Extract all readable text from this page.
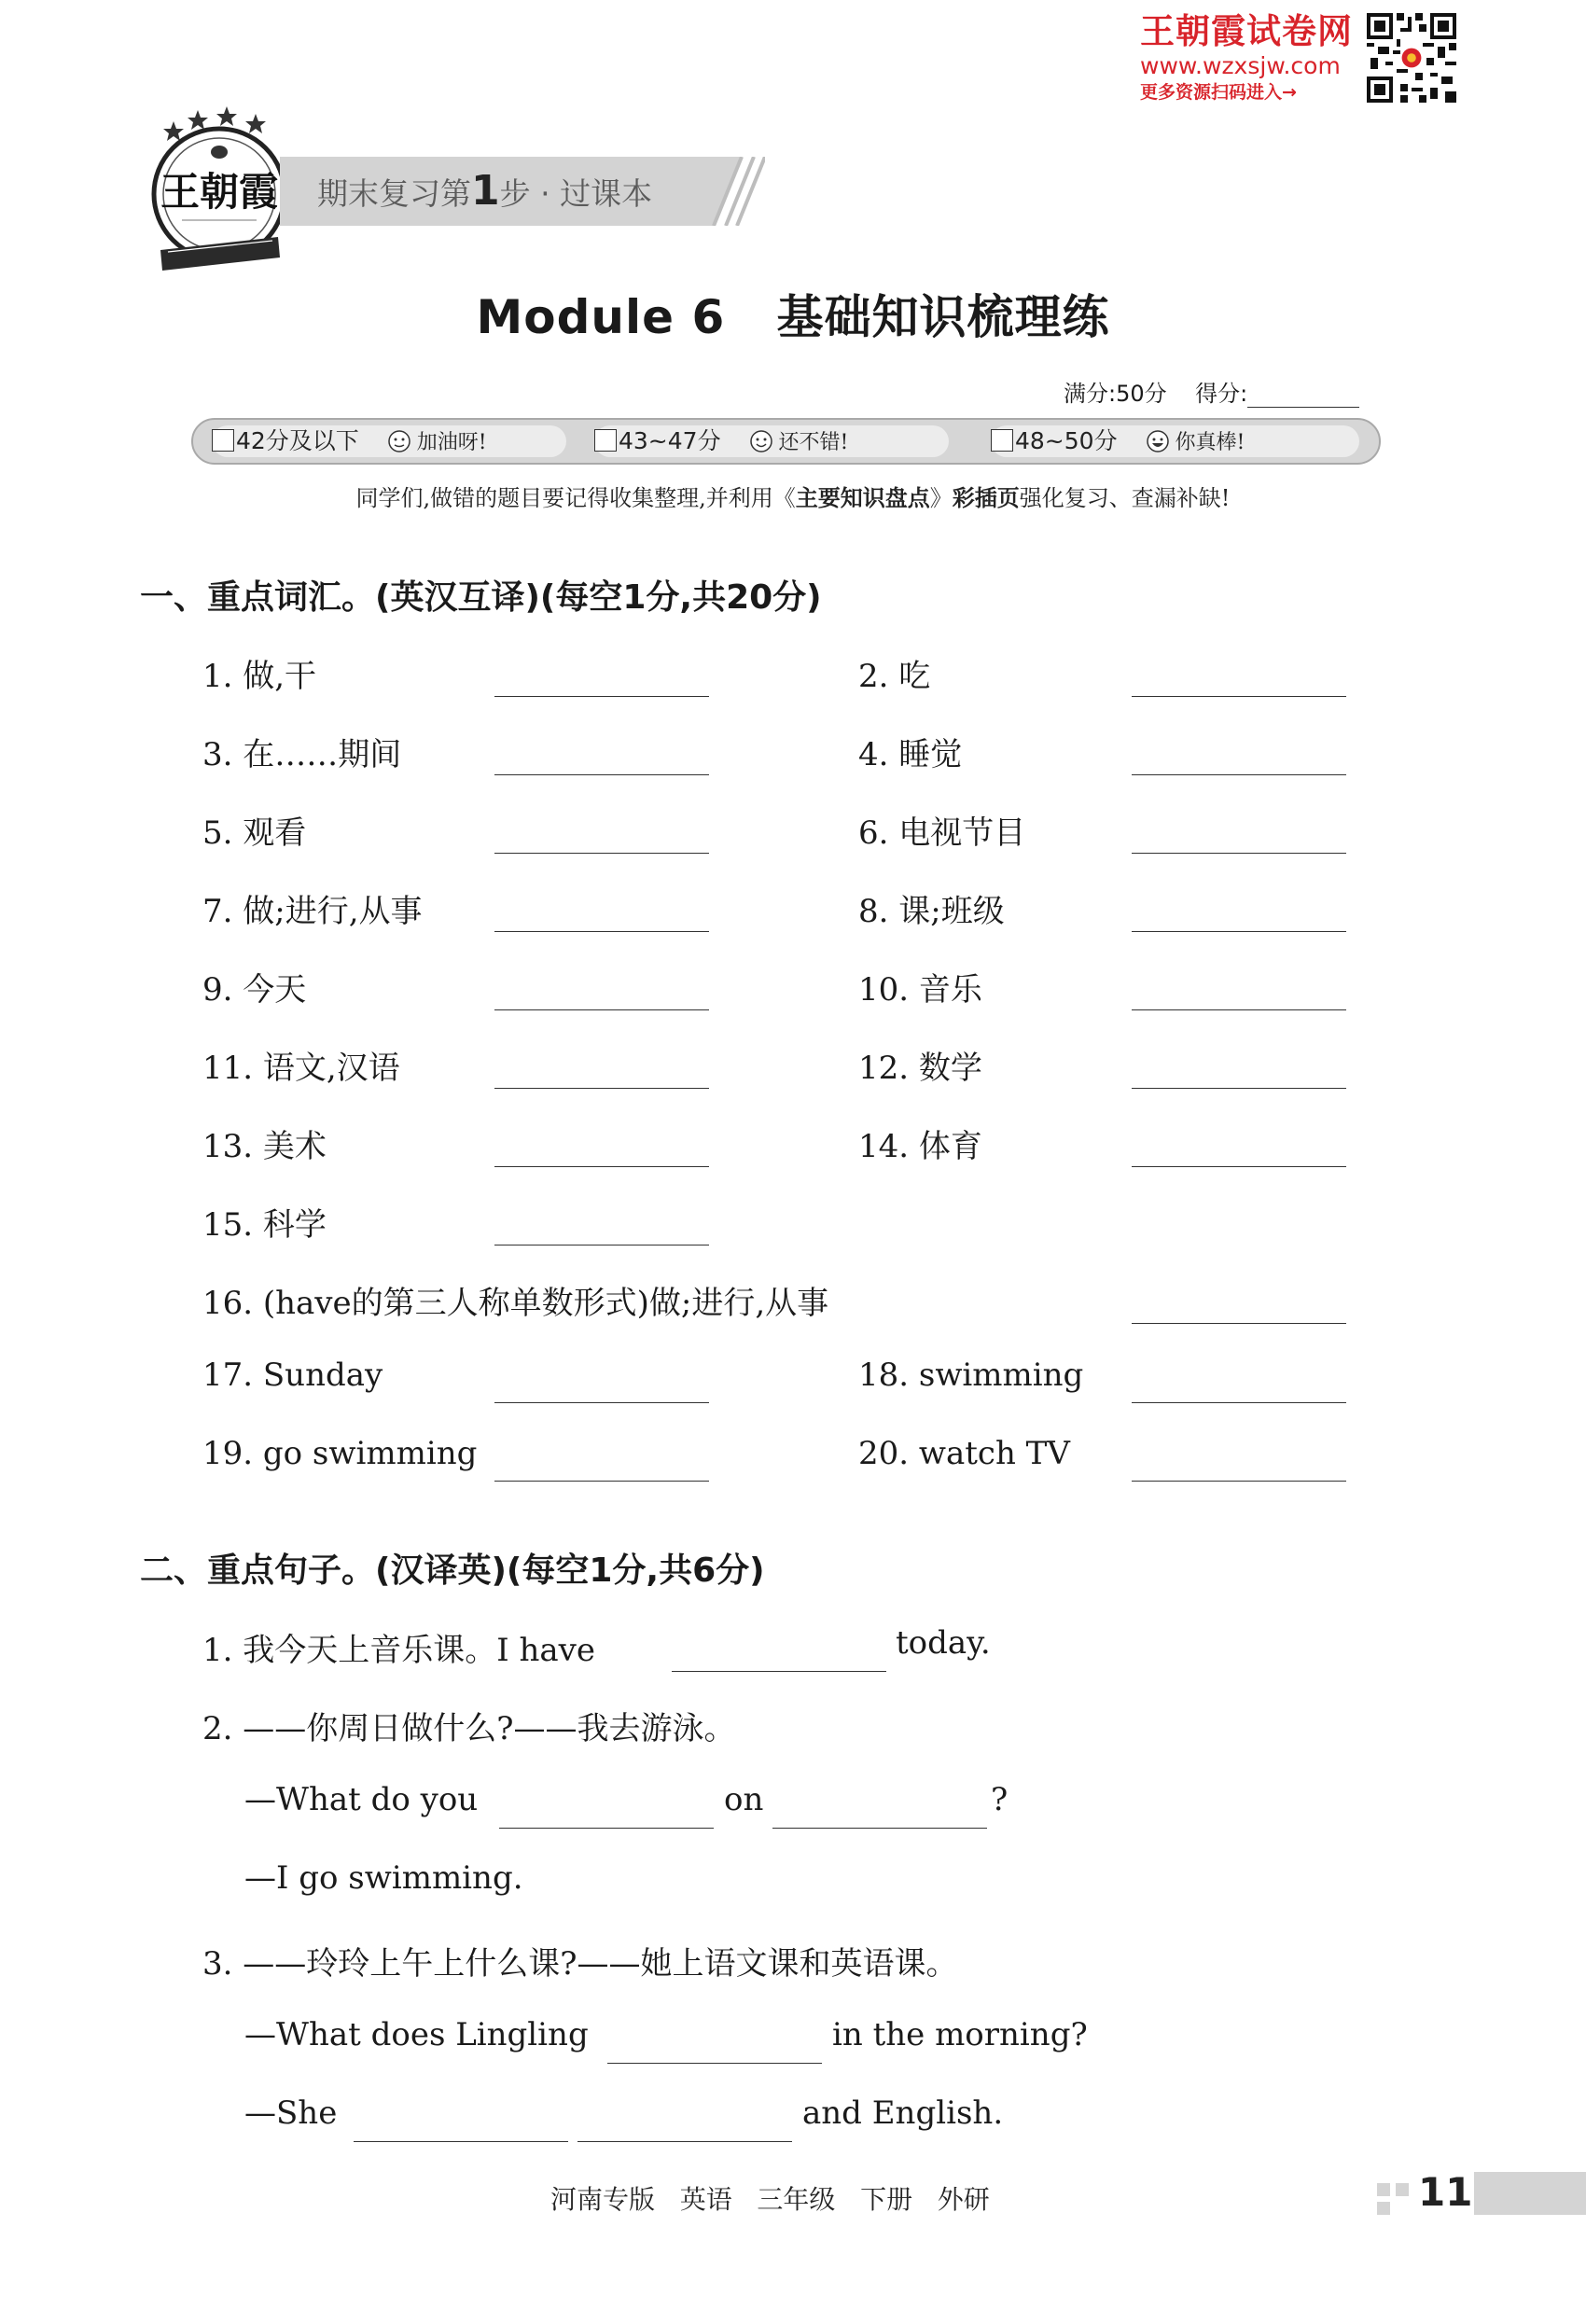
王朝霞试卷网
www.wzxsjw.com
更多资源扫码进入→
王朝霞 期末复习第1步 · 过课本
Module 6   基础知识梳理练
满分:50分 得分:
42分及以下	加油呀!	43~47分	还不错!	48~50分	你真棒!
同学们,做错的题目要记得收集整理,并利用《主要知识盘点》彩插页强化复习、查漏补缺!
一、重点词汇。(英汉互译)(每空1分,共20分)
1. 做,干	2. 吃
3. 在……期间	4. 睡觉
5. 观看	6. 电视节目
7. 做;进行,从事	8. 课;班级
9. 今天	10. 音乐
11. 语文,汉语	12. 数学
13. 美术	14. 体育
15. 科学
16. (have的第三人称单数形式)做;进行,从事
17. Sunday	18. swimming
19. go swimming	20. watch TV
二、重点句子。(汉译英)(每空1分,共6分)
1. 我今天上音乐课。I have	today.
2. ——你周日做什么?——我去游泳。
—What do you	on	?
—I go swimming.
3. ——玲玲上午上什么课?——她上语文课和英语课。
—What does Lingling	in the morning?
—She	and English.
河南专版   英语   三年级   下册   外研	11
